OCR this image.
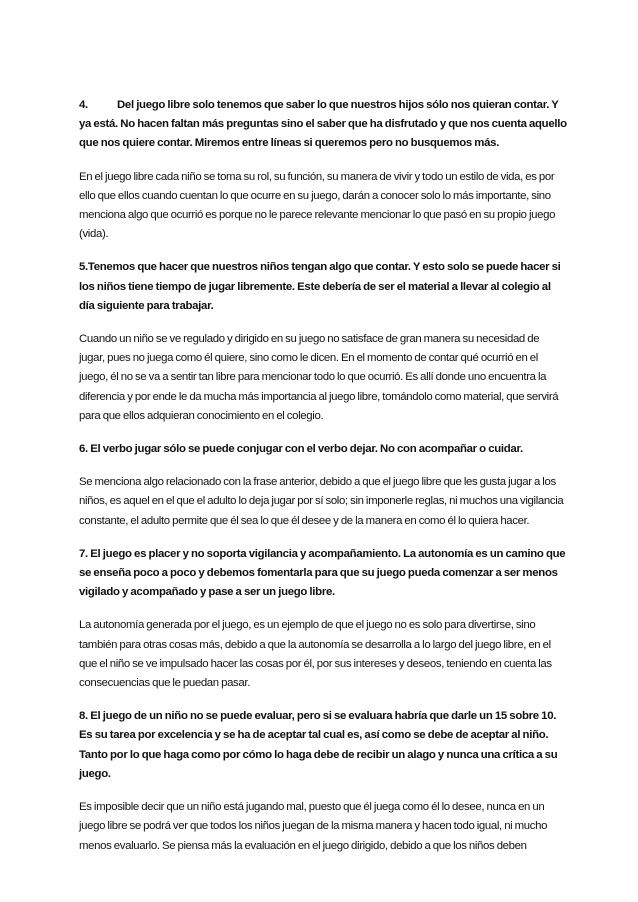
4.	Del juego libre solo tenemos que saber lo que nuestros hijos sólo nos quieran contar. Y ya está. No hacen faltan más preguntas sino el saber que ha disfrutado y que nos cuenta aquello que nos quiere contar. Miremos entre líneas si queremos pero no busquemos más.

En el juego libre cada niño se toma su rol, su función, su manera de vivir y todo un estilo de vida, es por ello que ellos cuando cuentan lo que ocurre en su juego, darán a conocer solo lo más importante, sino menciona algo que ocurrió es porque no le parece relevante mencionar lo que pasó en su propio juego (vida).

5.Tenemos que hacer que nuestros niños tengan algo que contar. Y esto solo se puede hacer si los niños tiene tiempo de jugar libremente. Este debería de ser el material a llevar al colegio al día siguiente para trabajar.

Cuando un niño se ve regulado y dirigido en su juego no satisface de gran manera su necesidad de jugar, pues no juega como él quiere, sino como le dicen. En el momento de contar qué ocurrió en el juego, él no se va a sentir tan libre para mencionar todo lo que ocurrió. Es allí donde uno encuentra la diferencia y por ende le da mucha más importancia al juego libre, tomándolo como material, que servirá para que ellos adquieran conocimiento en el colegio.

6. El verbo jugar sólo se puede conjugar con el verbo dejar. No con acompañar o cuidar.

Se menciona algo relacionado con la frase anterior, debido a que el juego libre que les gusta jugar a los niños, es aquel en el que el adulto lo deja jugar por sí solo; sin imponerle reglas, ni muchos una vigilancia constante, el adulto permite que él sea lo que él desee y de la manera en como él lo quiera hacer.

7. El juego es placer y no soporta vigilancia y acompañamiento. La autonomía es un camino que se enseña poco a poco y debemos fomentarla para que su juego pueda comenzar a ser menos vigilado y acompañado y pase a ser un juego libre.

La autonomía generada por el juego, es un ejemplo de que el juego no es solo para divertirse, sino también para otras cosas más, debido a que la autonomía se desarrolla a lo largo del juego libre, en el que el niño se ve impulsado hacer las cosas por él, por sus intereses y deseos, teniendo en cuenta las consecuencias que le puedan pasar.

8. El juego de un niño no se puede evaluar, pero si se evaluara habría que darle un 15 sobre 10. Es su tarea por excelencia y se ha de aceptar tal cual es, así como se debe de aceptar al niño. Tanto por lo que haga como por cómo lo haga debe de recibir un alago y nunca una crítica a su juego.

Es imposible decir que un niño está jugando mal, puesto que él juega como él lo desee, nunca en un juego libre se podrá ver que todos los niños juegan de la misma manera y hacen todo igual, ni mucho menos evaluarlo. Se piensa más la evaluación en el juego dirigido, debido a que los niños deben
